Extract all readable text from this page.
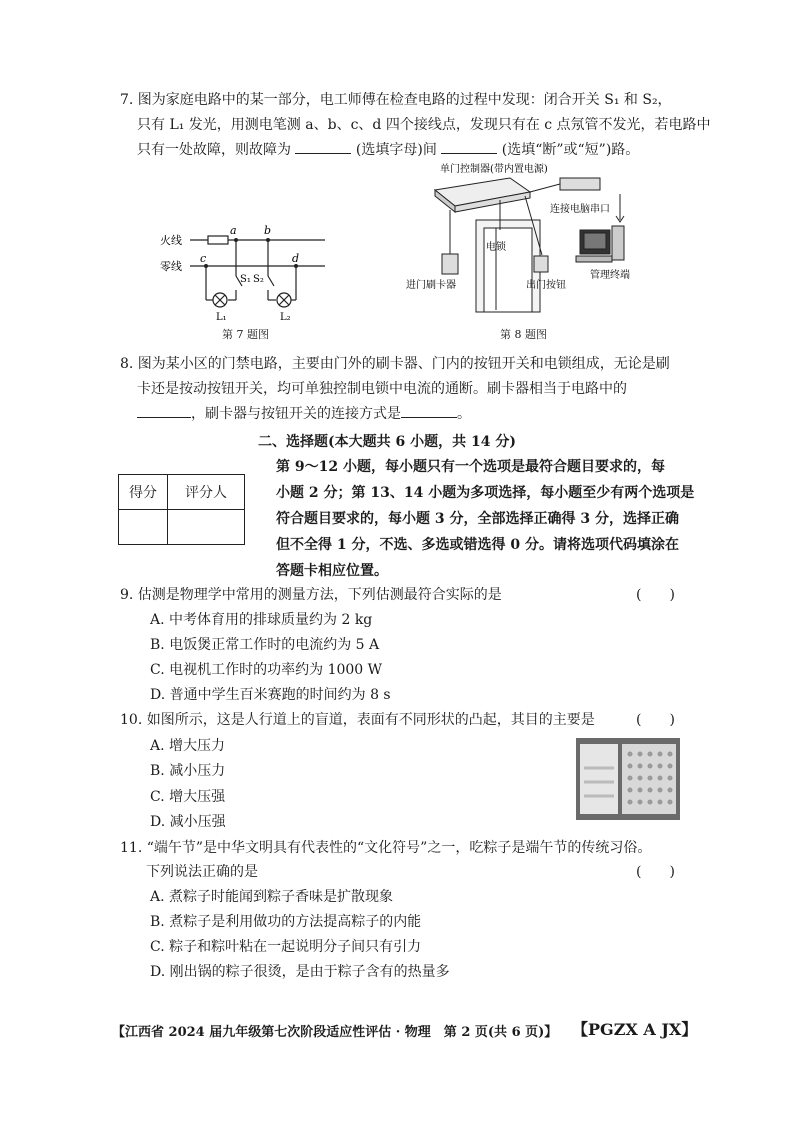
7. 图为家庭电路中的某一部分，电工师傅在检查电路的过程中发现：闭合开关 S₁ 和 S₂，
只有 L₁ 发光，用测电笔测 a、b、c、d 四个接线点，发现只有在 c 点氖管不发光，若电路中
只有一处故障，则故障为	(选填字母)间	(选填“断”或“短”)路。
火线
零线
a b
c	d
S₁ S₂
L₁	L₂
第 7 题图
单门控制器(带内置电源)
连接电脑串口
电锁
进门刷卡器	出门按钮
管理终端
第 8 题图
8. 图为某小区的门禁电路，主要由门外的刷卡器、门内的按钮开关和电锁组成，无论是刷
卡还是按动按钮开关，均可单独控制电锁中电流的通断。刷卡器相当于电路中的
，刷卡器与按钮开关的连接方式是	。
二、选择题(本大题共 6 小题，共 14 分)
得分	评分人

第 9～12 小题，每小题只有一个选项是最符合题目要求的，每
小题 2 分；第 13、14 小题为多项选择，每小题至少有两个选项是
符合题目要求的，每小题 3 分，全部选择正确得 3 分，选择正确
但不全得 1 分，不选、多选或错选得 0 分。请将选项代码填涂在
答题卡相应位置。
9. 估测是物理学中常用的测量方法，下列估测最符合实际的是	(　　)
A. 中考体育用的排球质量约为 2 kg
B. 电饭煲正常工作时的电流约为 5 A
C. 电视机工作时的功率约为 1000 W
D. 普通中学生百米赛跑的时间约为 8 s
10. 如图所示，这是人行道上的盲道，表面有不同形状的凸起，其目的主要是	(　　)
A. 增大压力
B. 减小压力
C. 增大压强
D. 减小压强
11. “端午节”是中华文明具有代表性的“文化符号”之一，吃粽子是端午节的传统习俗。
下列说法正确的是	(　　)
A. 煮粽子时能闻到粽子香味是扩散现象
B. 煮粽子是利用做功的方法提高粽子的内能
C. 粽子和粽叶粘在一起说明分子间只有引力
D. 刚出锅的粽子很烫，是由于粽子含有的热量多
【江西省 2024 届九年级第七次阶段适应性评估 · 物理　第 2 页(共 6 页)】 【PGZX A JX】
